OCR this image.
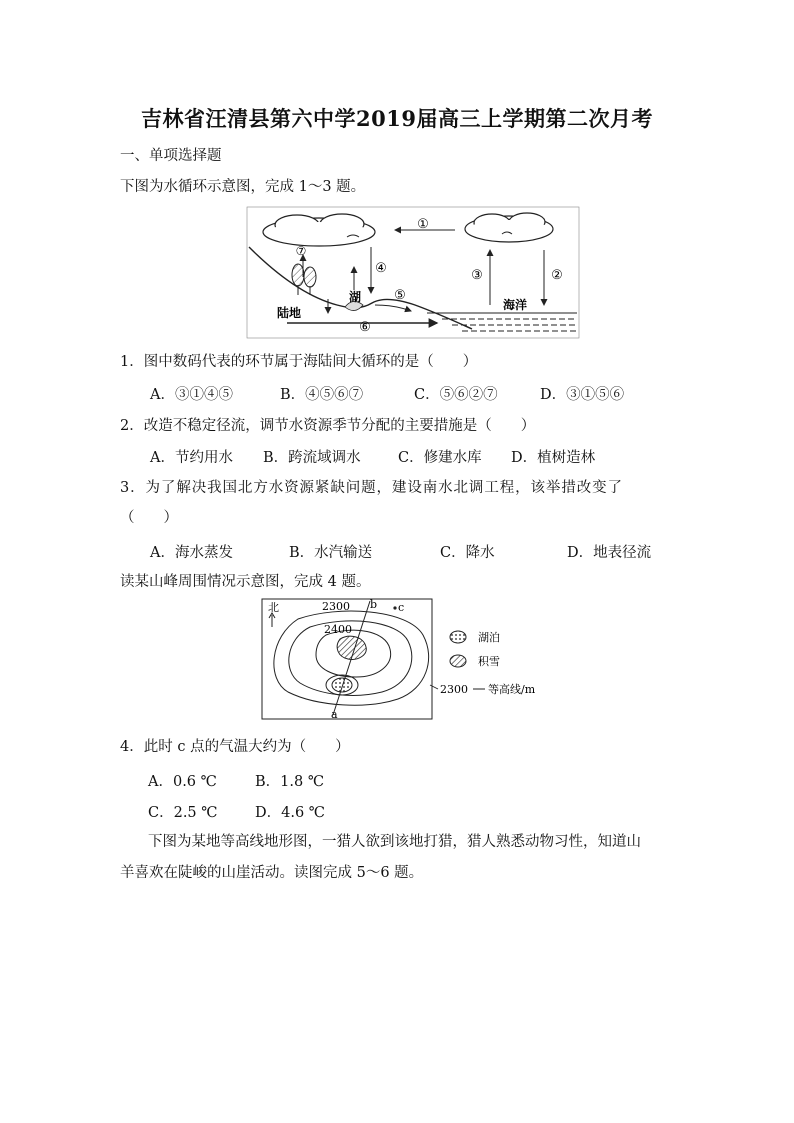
吉林省汪清县第六中学2019届高三上学期第二次月考
一、单项选择题
下图为水循环示意图，完成 1～3 题。
①
②
③
④
⑦
湖	⑤
⑥
陆地
海洋
1．图中数码代表的环节属于海陆间大循环的是（　　）
A．③①④⑤	B．④⑤⑥⑦	C．⑤⑥②⑦	D．③①⑤⑥
2．改造不稳定径流，调节水资源季节分配的主要措施是（　　）
A．节约用水 B．跨流域调水	C．修建水库 D．植树造林
3．为了解决我国北方水资源紧缺问题，建设南水北调工程，该举措改变了
（　　）
A．海水蒸发	B．水汽输送	C．降水	D．地表径流
读某山峰周围情况示意图，完成 4 题。
北	2300
2400
b c
a
2300 等高线/m
湖泊
积雪
4．此时 c 点的气温大约为（　　）
A．0.6 ℃	B．1.8 ℃
C．2.5 ℃	D．4.6 ℃
下图为某地等高线地形图，一猎人欲到该地打猎，猎人熟悉动物习性，知道山
羊喜欢在陡峻的山崖活动。读图完成 5～6 题。
